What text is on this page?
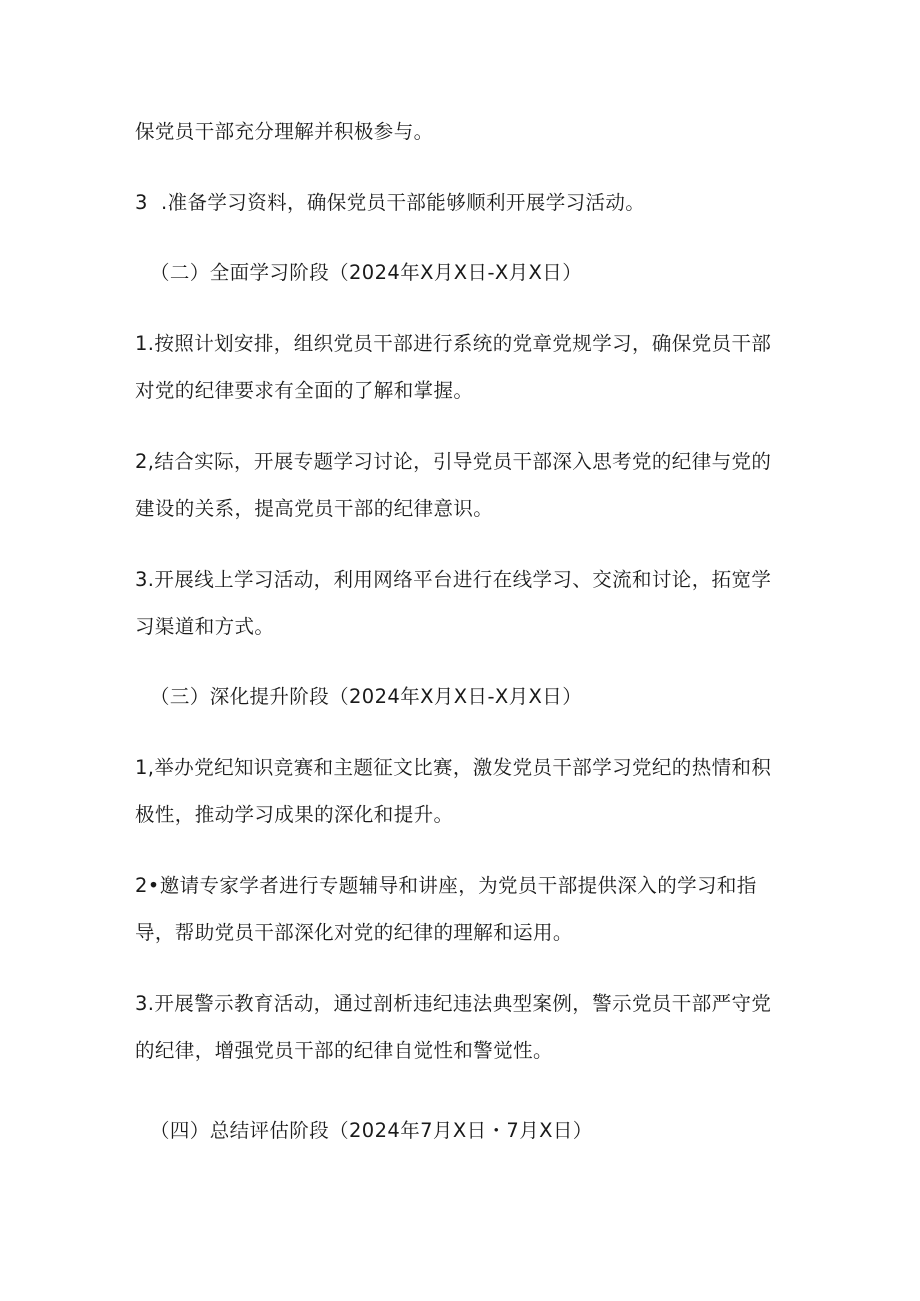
保党员干部充分理解并积极参与。
3  .准备学习资料，确保党员干部能够顺利开展学习活动。
（二）全面学习阶段（2024年X月X日-X月X日）
1.按照计划安排，组织党员干部进行系统的党章党规学习，确保党员干部
对党的纪律要求有全面的了解和掌握。
2,结合实际，开展专题学习讨论，引导党员干部深入思考党的纪律与党的
建设的关系，提高党员干部的纪律意识。
3.开展线上学习活动，利用网络平台进行在线学习、交流和讨论，拓宽学
习渠道和方式。
（三）深化提升阶段（2024年X月X日-X月X日）
1,举办党纪知识竞赛和主题征文比赛，激发党员干部学习党纪的热情和积
极性，推动学习成果的深化和提升。
2•邀请专家学者进行专题辅导和讲座，为党员干部提供深入的学习和指
导，帮助党员干部深化对党的纪律的理解和运用。
3.开展警示教育活动，通过剖析违纪违法典型案例，警示党员干部严守党
的纪律，增强党员干部的纪律自觉性和警觉性。
（四）总结评估阶段（2024年7月X日・7月X日）
